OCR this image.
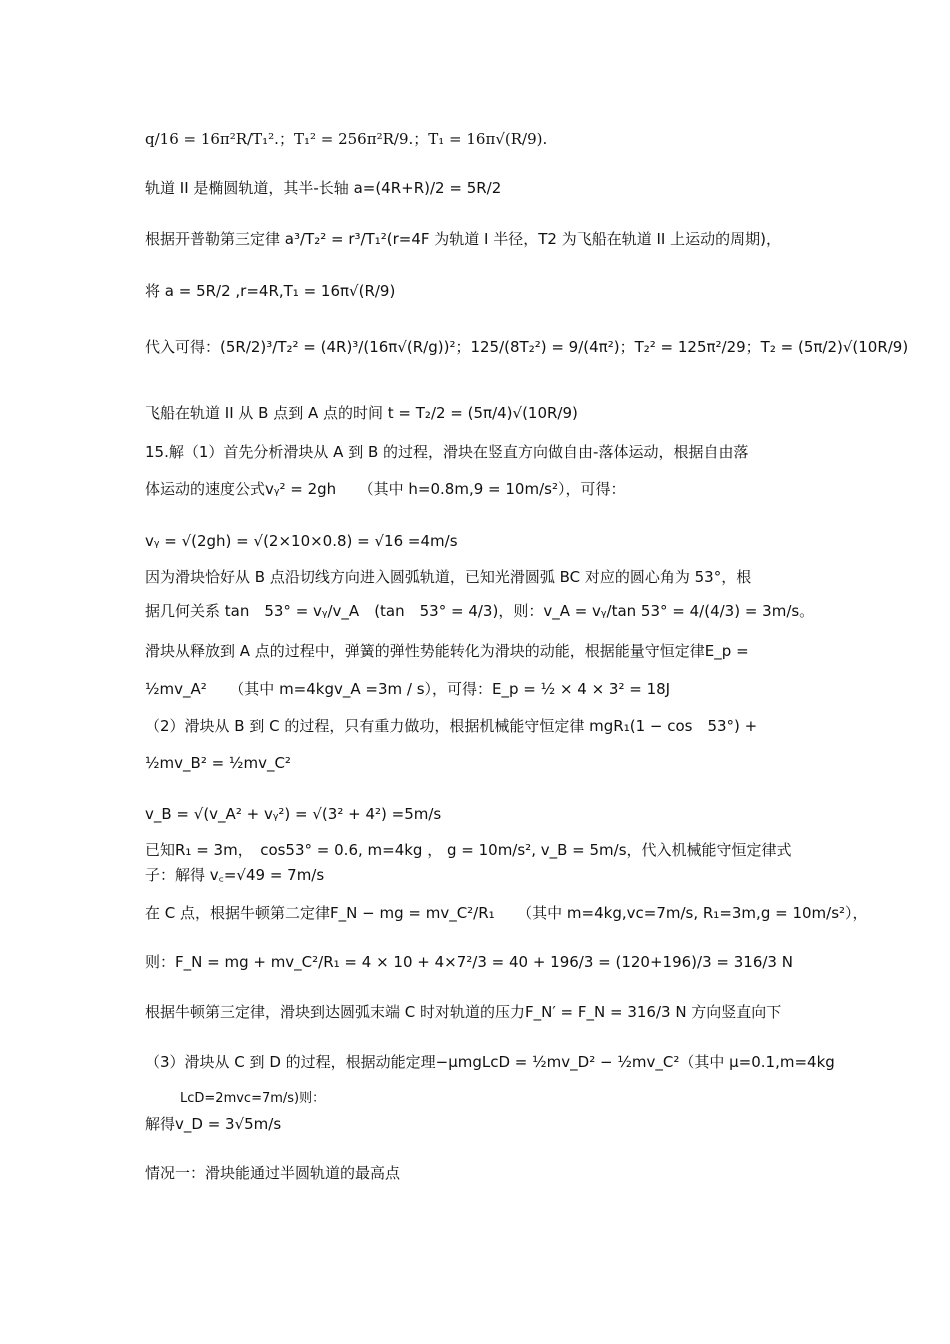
q/16 = 16π²R/T₁².；T₁² = 256π²R/9.；T₁ = 16π√(R/9).
轨道 II 是椭圆轨道，其半-长轴 a=(4R+R)/2 = 5R/2
根据开普勒第三定律 a³/T₂² = r³/T₁²(r=4F 为轨道 I 半径，T2 为飞船在轨道 II 上运动的周期)，
将 a = 5R/2 ,r=4R,T₁ = 16π√(R/9)
代入可得：(5R/2)³/T₂² = (4R)³/(16π√(R/g))²；125/(8T₂²) = 9/(4π²)；T₂² = 125π²/29；T₂ = (5π/2)√(10R/9)
飞船在轨道 II 从 B 点到 A 点的时间 t = T₂/2 = (5π/4)√(10R/9)
15.解（1）首先分析滑块从 A 到 B 的过程，滑块在竖直方向做自由-落体运动，根据自由落
体运动的速度公式vᵧ² = 2gh　　（其中 h=0.8m,9 = 10m/s²），可得：
vᵧ = √(2gh) = √(2×10×0.8) = √16 =4m/s
因为滑块恰好从 B 点沿切线方向进入圆弧轨道，已知光滑圆弧 BC 对应的圆心角为 53°，根
据几何关系 tan　53° = vᵧ/v_A　(tan　53° = 4/3)，则：v_A = vᵧ/tan 53° = 4/(4/3) = 3m/s。
滑块从释放到 A 点的过程中，弹簧的弹性势能转化为滑块的动能，根据能量守恒定律E_p =
½mv_A²　　（其中 m=4kgv_A =3m / s），可得：E_p = ½ × 4 × 3² = 18J
（2）滑块从 B 到 C 的过程，只有重力做功，根据机械能守恒定律 mgR₁(1 − cos　53°) +
½mv_B² = ½mv_C²
v_B = √(v_A² + vᵧ²) = √(3² + 4²) =5m/s
已知R₁ = 3m，　cos53° = 0.6, m=4kg ， g = 10m/s², v_B = 5m/s，代入机械能守恒定律式
子：解得 v꜀=√49 = 7m/s
在 C 点，根据牛顿第二定律F_N − mg = mv_C²/R₁　　（其中 m=4kg,vc=7m/s, R₁=3m,g = 10m/s²），
则：F_N = mg + mv_C²/R₁ = 4 × 10 + 4×7²/3 = 40 + 196/3 = (120+196)/3 = 316/3 N
根据牛顿第三定律，滑块到达圆弧末端 C 时对轨道的压力F_N′ = F_N = 316/3 N 方向竖直向下
（3）滑块从 C 到 D 的过程，根据动能定理−μmgLcD = ½mv_D² − ½mv_C²（其中 μ=0.1,m=4kg
LcD=2mvc=7m/s)则：
解得v_D = 3√5m/s
情况一：滑块能通过半圆轨道的最高点
